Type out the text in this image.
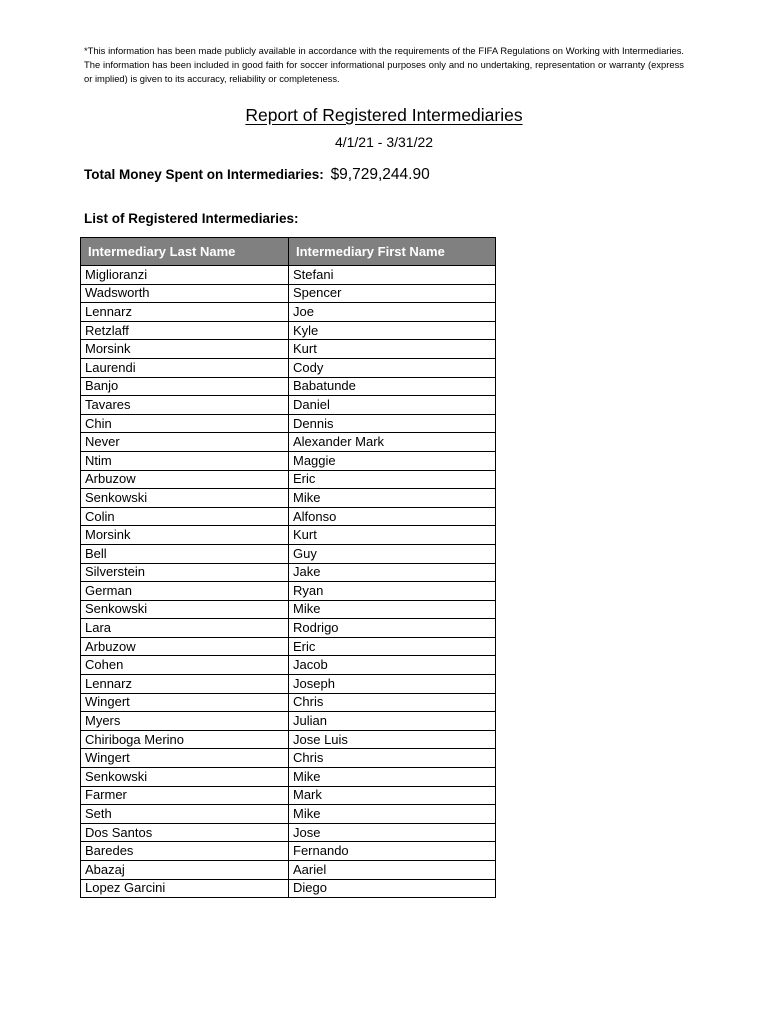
*This information has been made publicly available in accordance with the requirements of the FIFA Regulations on Working with Intermediaries. The information has been included in good faith for soccer informational purposes only and no undertaking, representation or warranty (express or implied) is given to its accuracy, reliability or completeness.
Report of Registered Intermediaries
4/1/21 - 3/31/22
Total Money Spent on Intermediaries: $9,729,244.90
List of Registered Intermediaries:
Intermediary Last Name	Intermediary First Name
Miglioranzi	Stefani
Wadsworth	Spencer
Lennarz	Joe
Retzlaff	Kyle
Morsink	Kurt
Laurendi	Cody
Banjo	Babatunde
Tavares	Daniel
Chin	Dennis
Never	Alexander Mark
Ntim	Maggie
Arbuzow	Eric
Senkowski	Mike
Colin	Alfonso
Morsink	Kurt
Bell	Guy
Silverstein	Jake
German	Ryan
Senkowski	Mike
Lara	Rodrigo
Arbuzow	Eric
Cohen	Jacob
Lennarz	Joseph
Wingert	Chris
Myers	Julian
Chiriboga Merino	Jose Luis
Wingert	Chris
Senkowski	Mike
Farmer	Mark
Seth	Mike
Dos Santos	Jose
Baredes	Fernando
Abazaj	Aariel
Lopez Garcini	Diego
